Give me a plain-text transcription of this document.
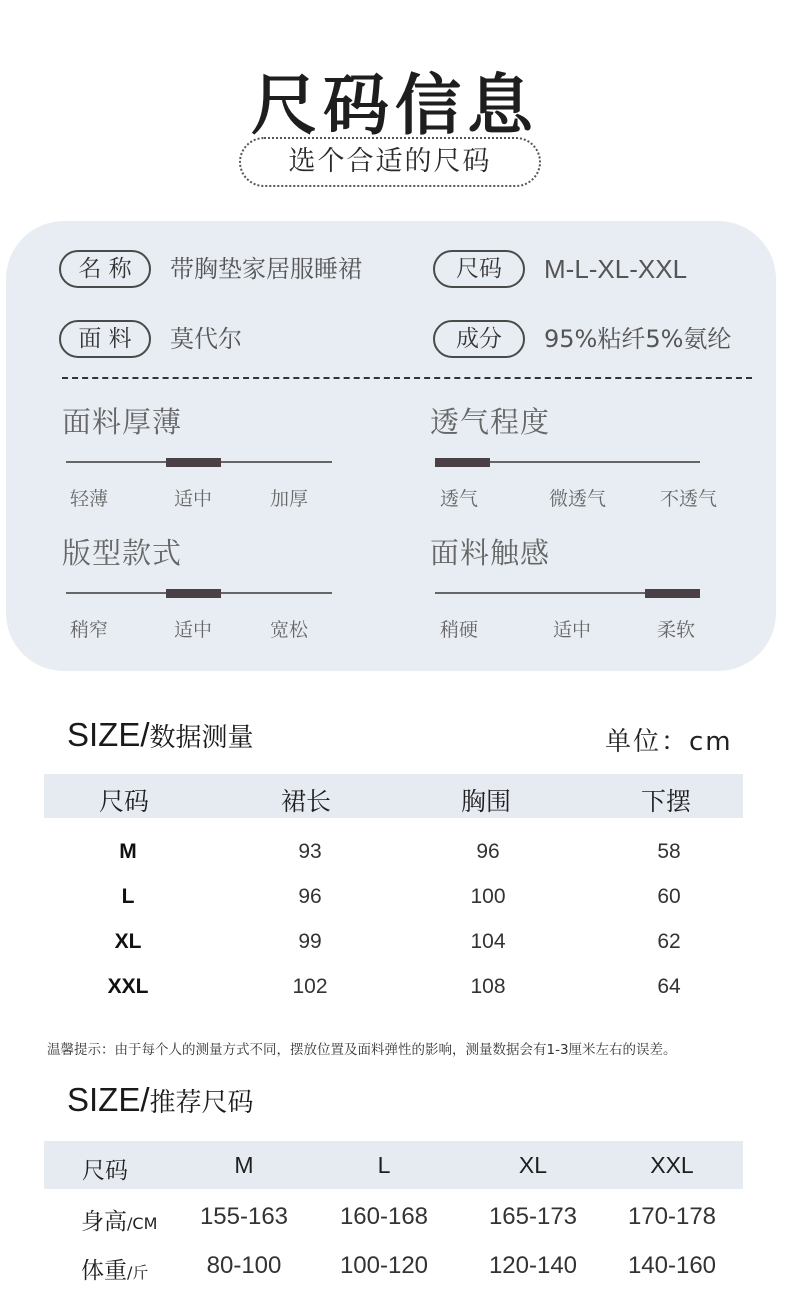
尺码信息
选个合适的尺码
名 称	带胸垫家居服睡裙	尺码	M-L-XL-XXL
面 料	莫代尔	成分	95%粘纤5%氨纶
面料厚薄
轻薄	适中	加厚
透气程度
透气	微透气	不透气
版型款式
稍窄	适中	宽松
面料触感
稍硬	适中	柔软
SIZE/数据测量	单位：cm
尺码	裙长	胸围	下摆
M	93	96	58
L	96	100	60
XL	99	104	62
XXL	102	108	64
温馨提示：由于每个人的测量方式不同，摆放位置及面料弹性的影响，测量数据会有1-3厘米左右的误差。
SIZE/推荐尺码
尺码	M	L	XL	XXL
身高/CM	155-163	160-168	165-173	170-178
体重/斤	80-100	100-120	120-140	140-160
